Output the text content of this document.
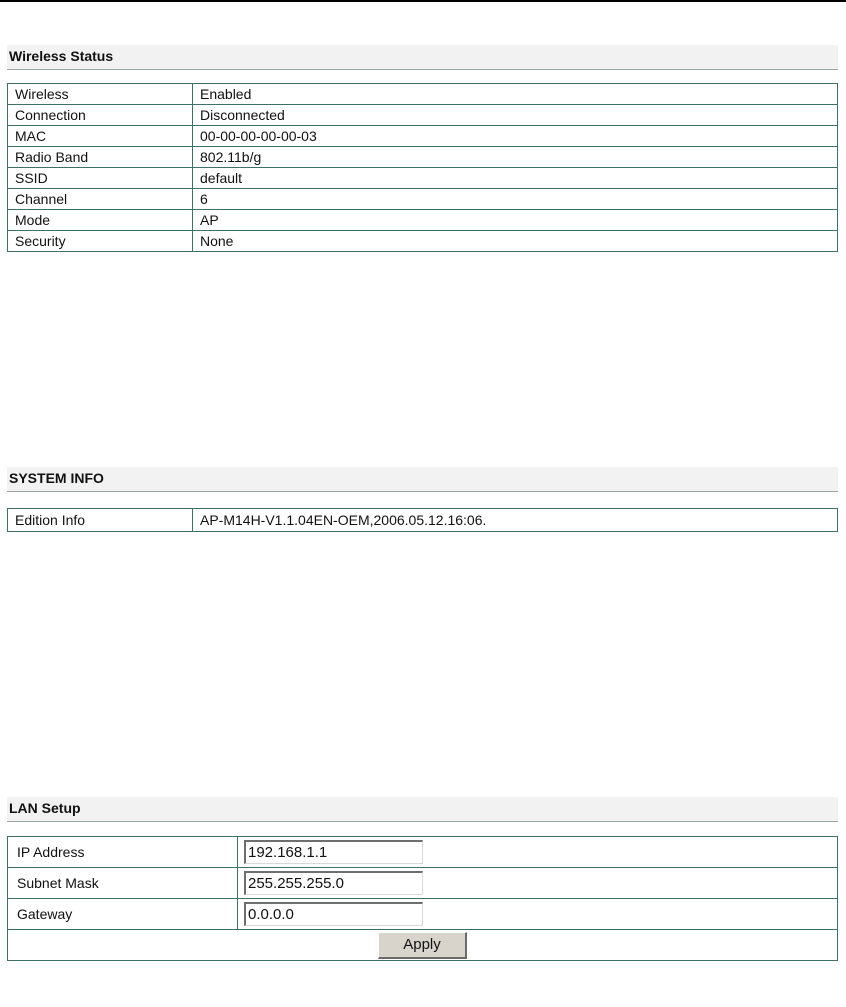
Wireless Status
Wireless	Enabled
Connection	Disconnected
MAC	00-00-00-00-00-03
Radio Band	802.11b/g
SSID	default
Channel	6
Mode	AP
Security	None
SYSTEM INFO
Edition Info	AP-M14H-V1.1.04EN-OEM,2006.05.12.16:06.
LAN Setup
IP Address	192.168.1.1
Subnet Mask	255.255.255.0
Gateway	0.0.0.0
Apply	
